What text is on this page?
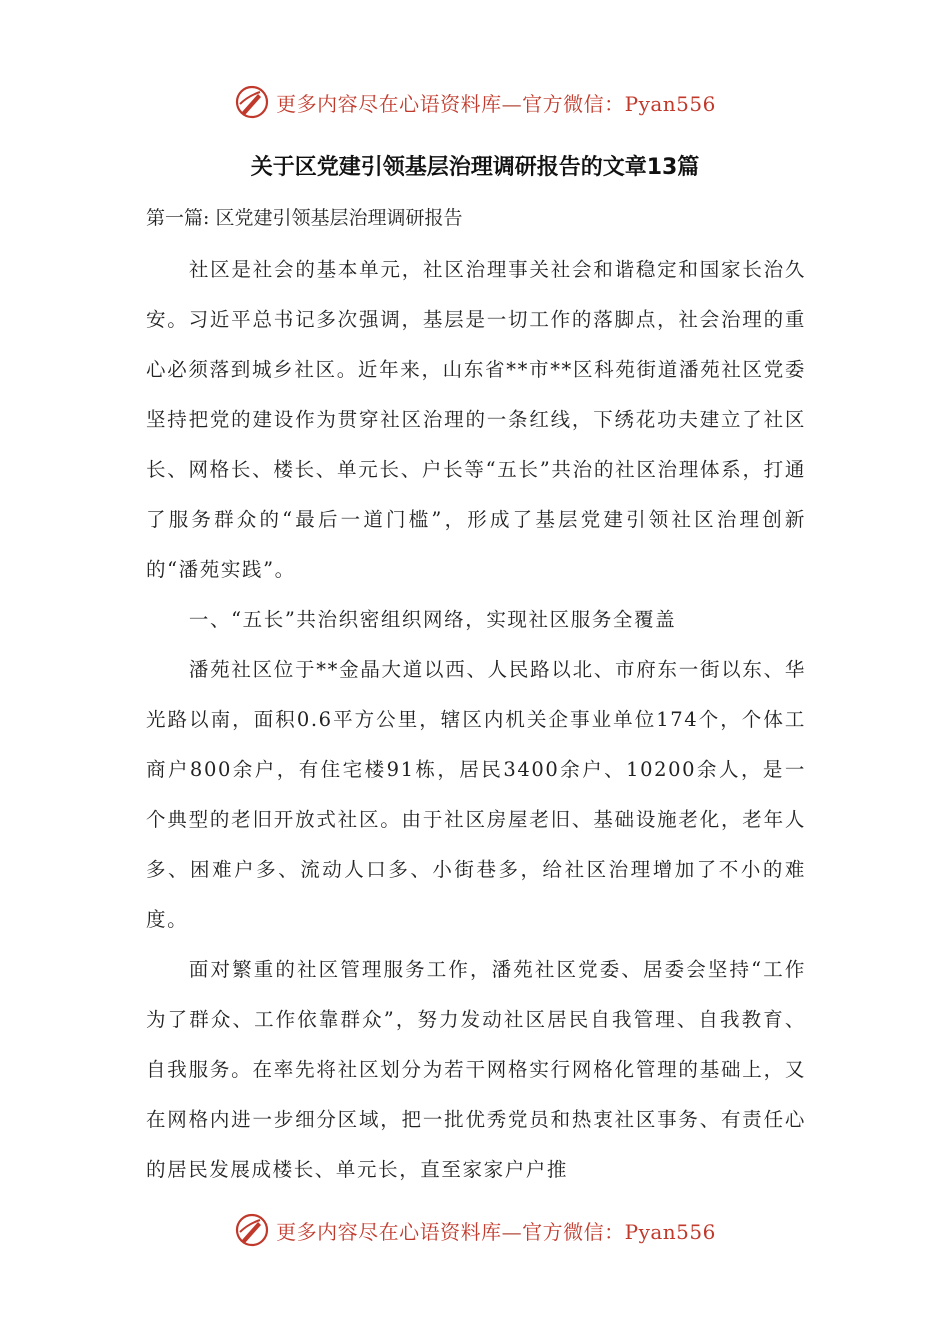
更多内容尽在心语资料库—官方微信：Pyan556
关于区党建引领基层治理调研报告的文章13篇
第一篇: 区党建引领基层治理调研报告

社区是社会的基本单元，社区治理事关社会和谐稳定和国家长治久安。习近平总书记多次强调，基层是一切工作的落脚点，社会治理的重心必须落到城乡社区。近年来，山东省**市**区科苑街道潘苑社区党委坚持把党的建设作为贯穿社区治理的一条红线，下绣花功夫建立了社区长、网格长、楼长、单元长、户长等“五长”共治的社区治理体系，打通了服务群众的“最后一道门槛”，形成了基层党建引领社区治理创新的“潘苑实践”。

一、“五长”共治织密组织网络，实现社区服务全覆盖

潘苑社区位于**金晶大道以西、人民路以北、市府东一街以东、华光路以南，面积0.6平方公里，辖区内机关企事业单位174个，个体工商户800余户，有住宅楼91栋，居民3400余户、10200余人，是一个典型的老旧开放式社区。由于社区房屋老旧、基础设施老化，老年人多、困难户多、流动人口多、小街巷多，给社区治理增加了不小的难度。

面对繁重的社区管理服务工作，潘苑社区党委、居委会坚持“工作为了群众、工作依靠群众”，努力发动社区居民自我管理、自我教育、自我服务。在率先将社区划分为若干网格实行网格化管理的基础上，又在网格内进一步细分区域，把一批优秀党员和热衷社区事务、有责任心的居民发展成楼长、单元长，直至家家户户推

更多内容尽在心语资料库—官方微信：Pyan556
